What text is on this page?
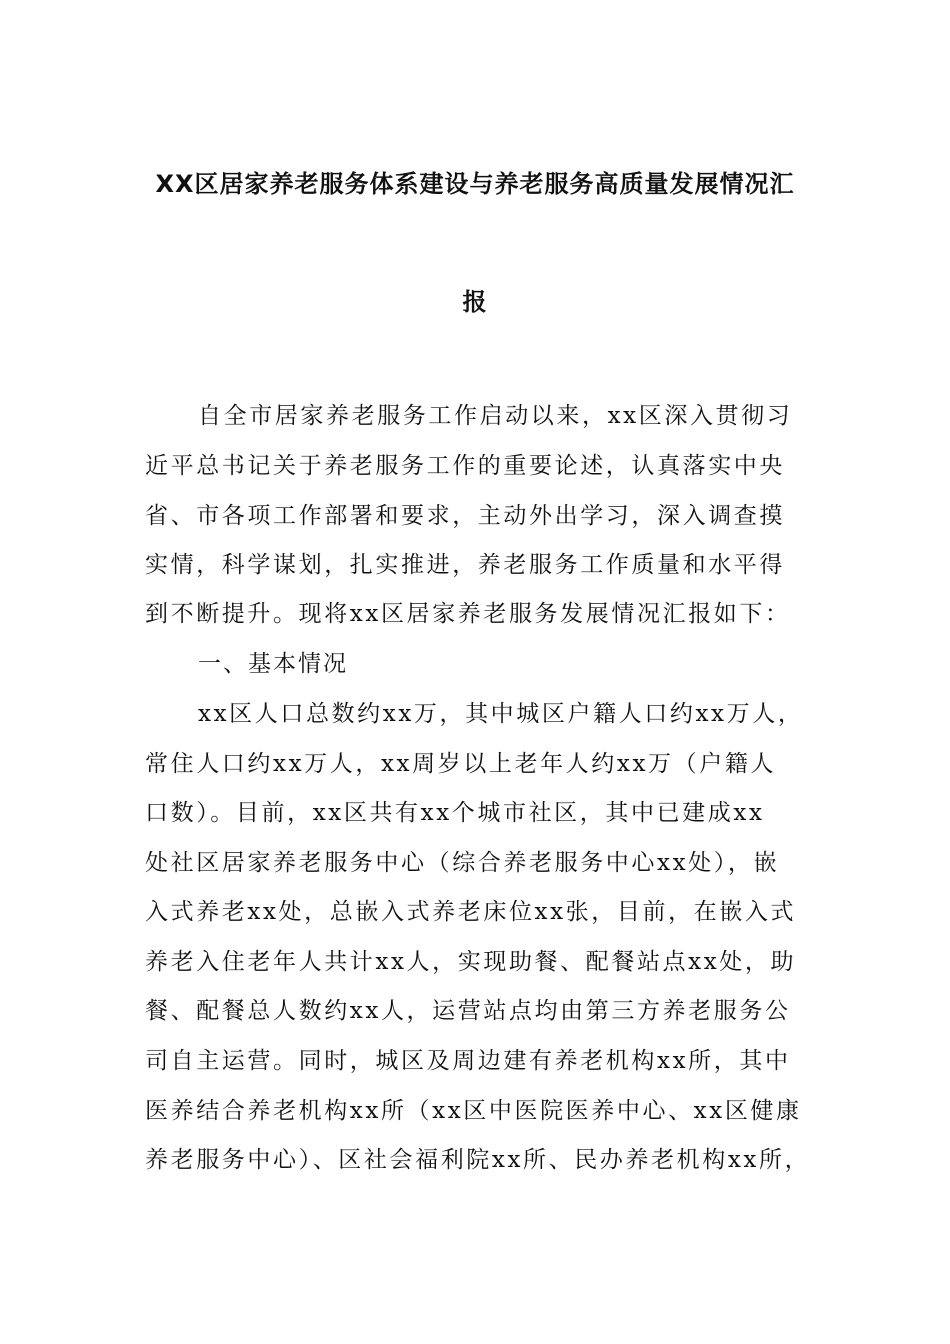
XX区居家养老服务体系建设与养老服务高质量发展情况汇
报
自全市居家养老服务工作启动以来，xx区深入贯彻习
近平总书记关于养老服务工作的重要论述，认真落实中央
省、市各项工作部署和要求，主动外出学习，深入调查摸
实情，科学谋划，扎实推进，养老服务工作质量和水平得
到不断提升。现将xx区居家养老服务发展情况汇报如下：
一、基本情况
xx区人口总数约xx万，其中城区户籍人口约xx万人，
常住人口约xx万人，xx周岁以上老年人约xx万（户籍人
口数）。目前，xx区共有xx个城市社区，其中已建成xx
处社区居家养老服务中心（综合养老服务中心xx处），嵌
入式养老xx处，总嵌入式养老床位xx张，目前，在嵌入式
养老入住老年人共计xx人，实现助餐、配餐站点xx处，助
餐、配餐总人数约xx人，运营站点均由第三方养老服务公
司自主运营。同时，城区及周边建有养老机构xx所，其中
医养结合养老机构xx所（xx区中医院医养中心、xx区健康
养老服务中心）、区社会福利院xx所、民办养老机构xx所，
